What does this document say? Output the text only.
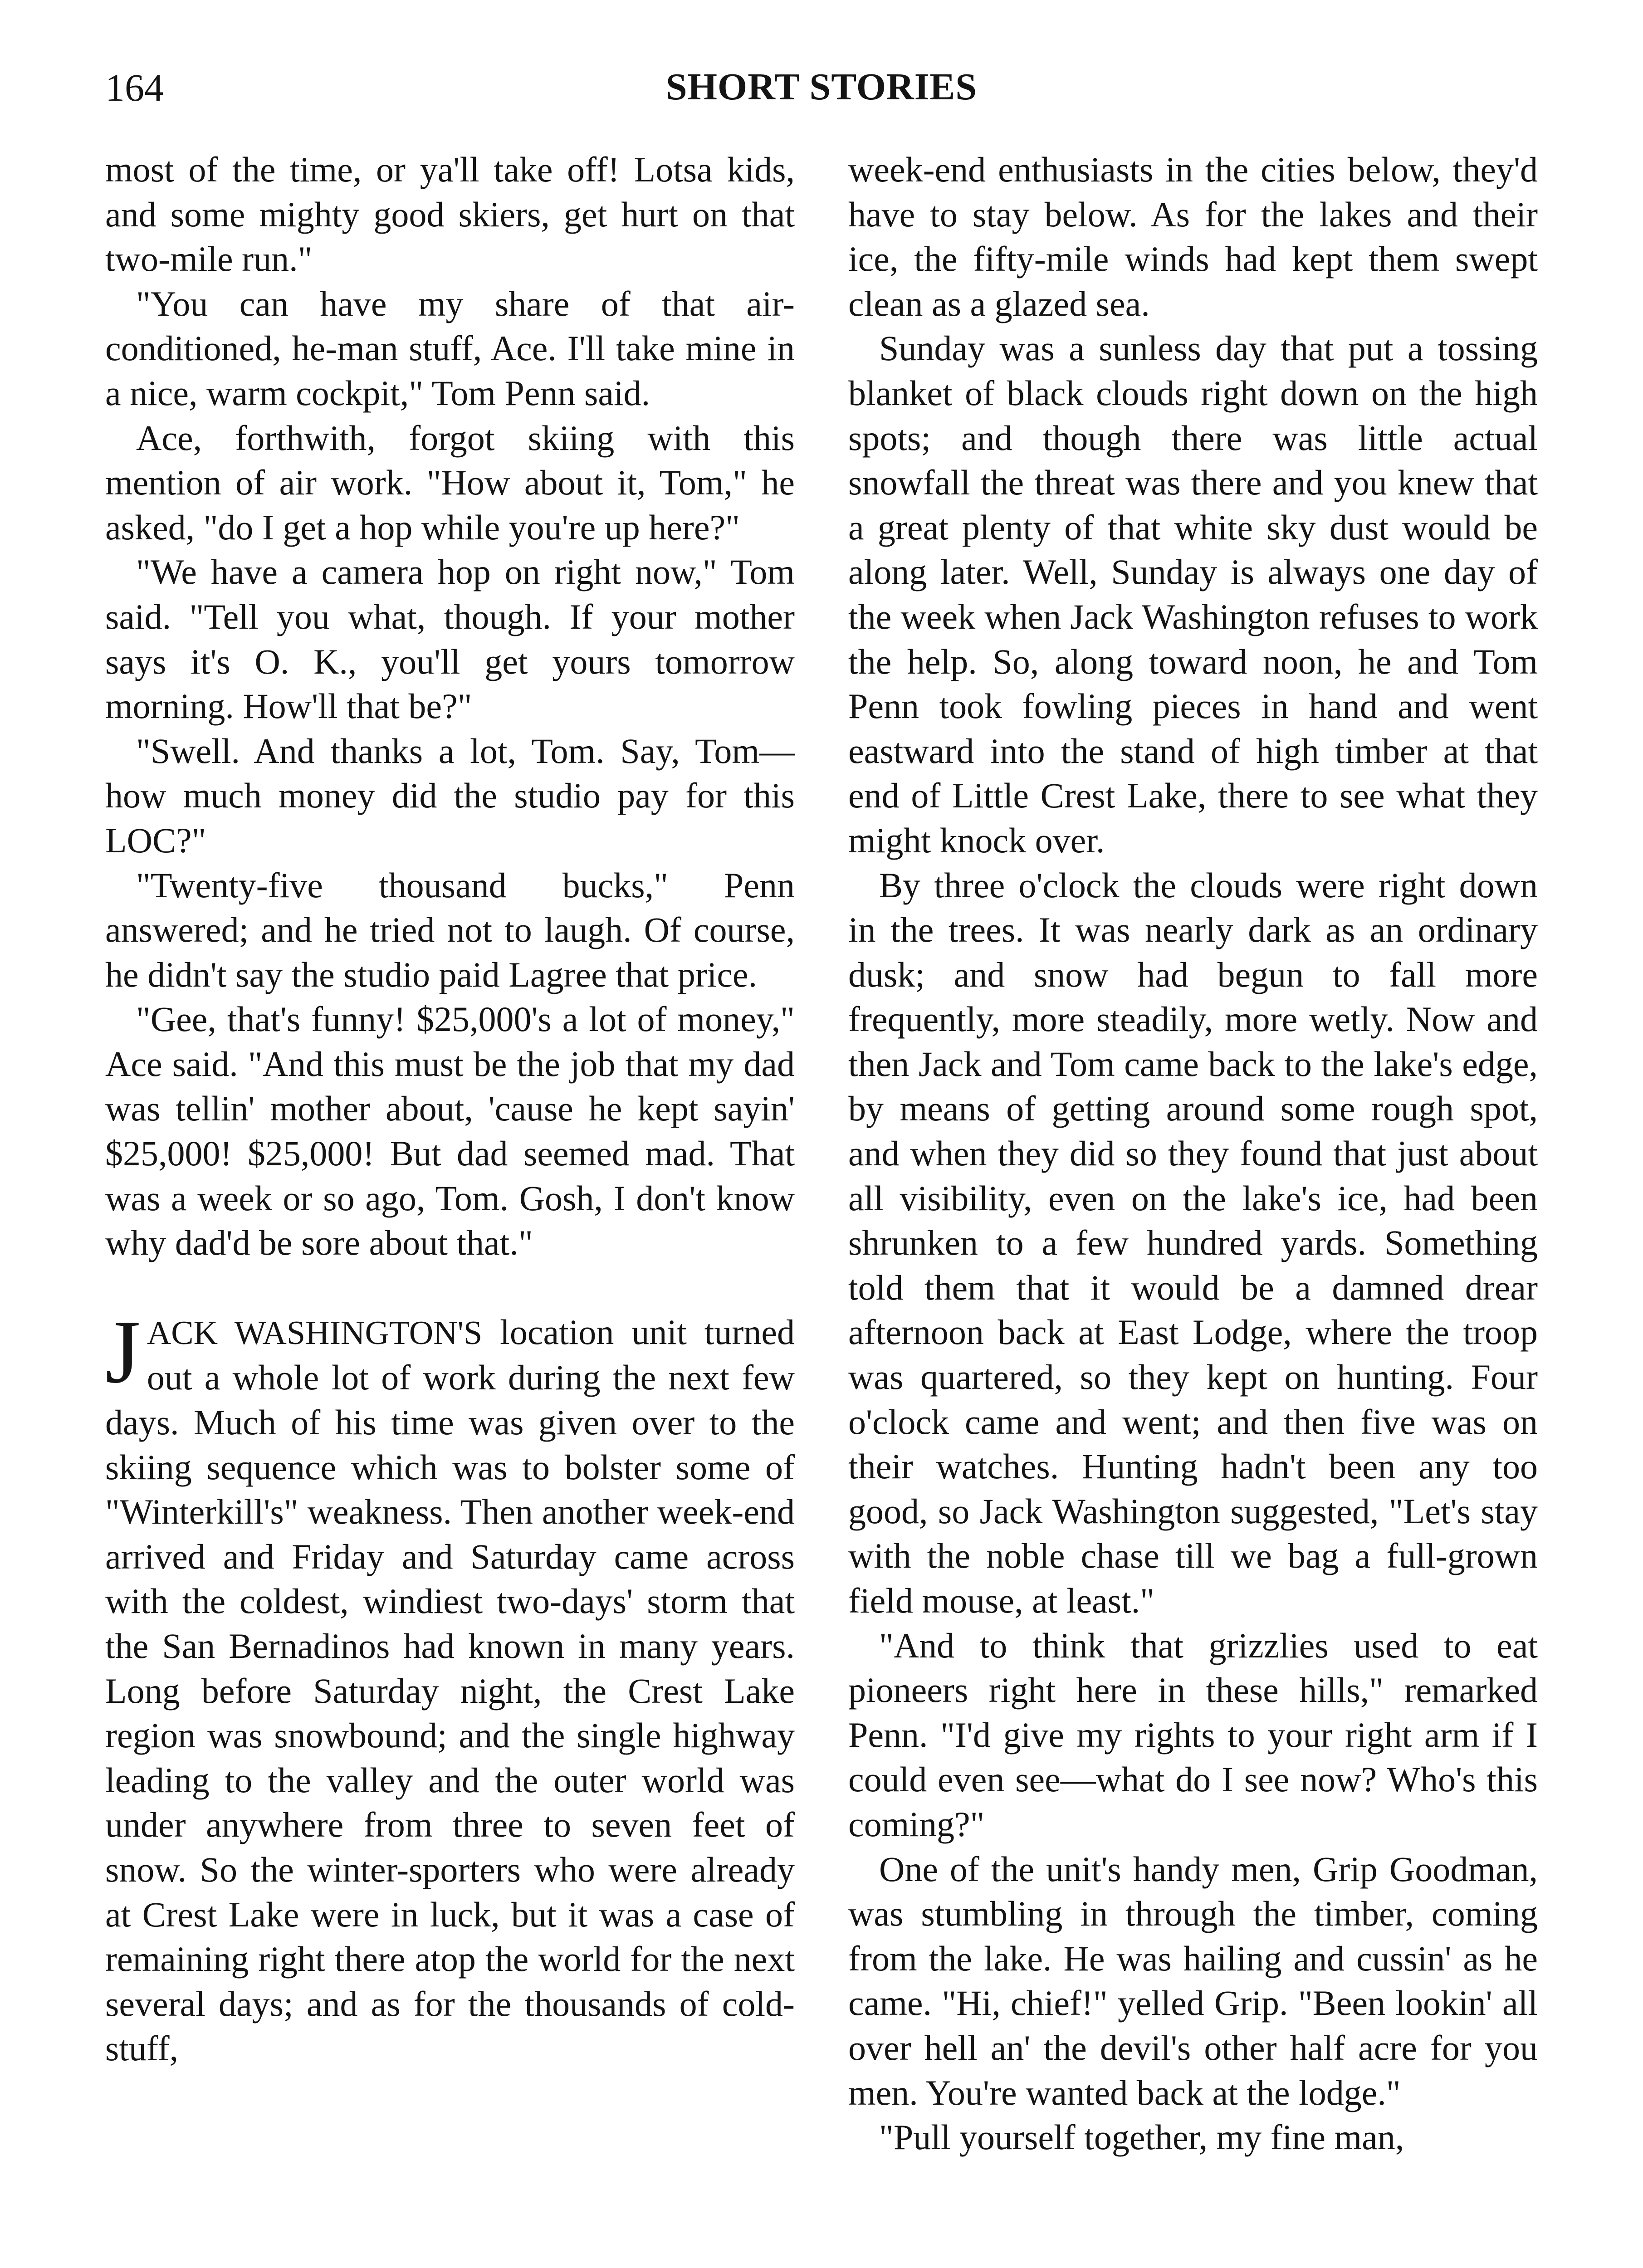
164	SHORT STORIES

most of the time, or ya'll take off! Lotsa kids, and some mighty good skiers, get hurt on that two-mile run."

"You can have my share of that air-conditioned, he-man stuff, Ace. I'll take mine in a nice, warm cockpit," Tom Penn said.

Ace, forthwith, forgot skiing with this mention of air work. "How about it, Tom," he asked, "do I get a hop while you're up here?"

"We have a camera hop on right now," Tom said. "Tell you what, though. If your mother says it's O. K., you'll get yours tomorrow morning. How'll that be?"

"Swell. And thanks a lot, Tom. Say, Tom—how much money did the studio pay for this LOC?"

"Twenty-five thousand bucks," Penn answered; and he tried not to laugh. Of course, he didn't say the studio paid Lagree that price.

"Gee, that's funny! $25,000's a lot of money," Ace said. "And this must be the job that my dad was tellin' mother about, 'cause he kept sayin' $25,000! $25,000! But dad seemed mad. That was a week or so ago, Tom. Gosh, I don't know why dad'd be sore about that."

JACK WASHINGTON'S location unit turned out a whole lot of work during the next few days. Much of his time was given over to the skiing sequence which was to bolster some of "Winterkill's" weakness. Then another week-end arrived and Friday and Saturday came across with the coldest, windiest two-days' storm that the San Bernadinos had known in many years. Long before Saturday night, the Crest Lake region was snowbound; and the single highway leading to the valley and the outer world was under anywhere from three to seven feet of snow. So the winter-sporters who were already at Crest Lake were in luck, but it was a case of remaining right there atop the world for the next several days; and as for the thousands of cold-stuff,

week-end enthusiasts in the cities below, they'd have to stay below. As for the lakes and their ice, the fifty-mile winds had kept them swept clean as a glazed sea.

Sunday was a sunless day that put a tossing blanket of black clouds right down on the high spots; and though there was little actual snowfall the threat was there and you knew that a great plenty of that white sky dust would be along later. Well, Sunday is always one day of the week when Jack Washington refuses to work the help. So, along toward noon, he and Tom Penn took fowling pieces in hand and went eastward into the stand of high timber at that end of Little Crest Lake, there to see what they might knock over.

By three o'clock the clouds were right down in the trees. It was nearly dark as an ordinary dusk; and snow had begun to fall more frequently, more steadily, more wetly. Now and then Jack and Tom came back to the lake's edge, by means of getting around some rough spot, and when they did so they found that just about all visibility, even on the lake's ice, had been shrunken to a few hundred yards. Something told them that it would be a damned drear afternoon back at East Lodge, where the troop was quartered, so they kept on hunting. Four o'clock came and went; and then five was on their watches. Hunting hadn't been any too good, so Jack Washington suggested, "Let's stay with the noble chase till we bag a full-grown field mouse, at least."

"And to think that grizzlies used to eat pioneers right here in these hills," remarked Penn. "I'd give my rights to your right arm if I could even see—what do I see now? Who's this coming?"

One of the unit's handy men, Grip Goodman, was stumbling in through the timber, coming from the lake. He was hailing and cussin' as he came. "Hi, chief!" yelled Grip. "Been lookin' all over hell an' the devil's other half acre for you men. You're wanted back at the lodge."

"Pull yourself together, my fine man,
